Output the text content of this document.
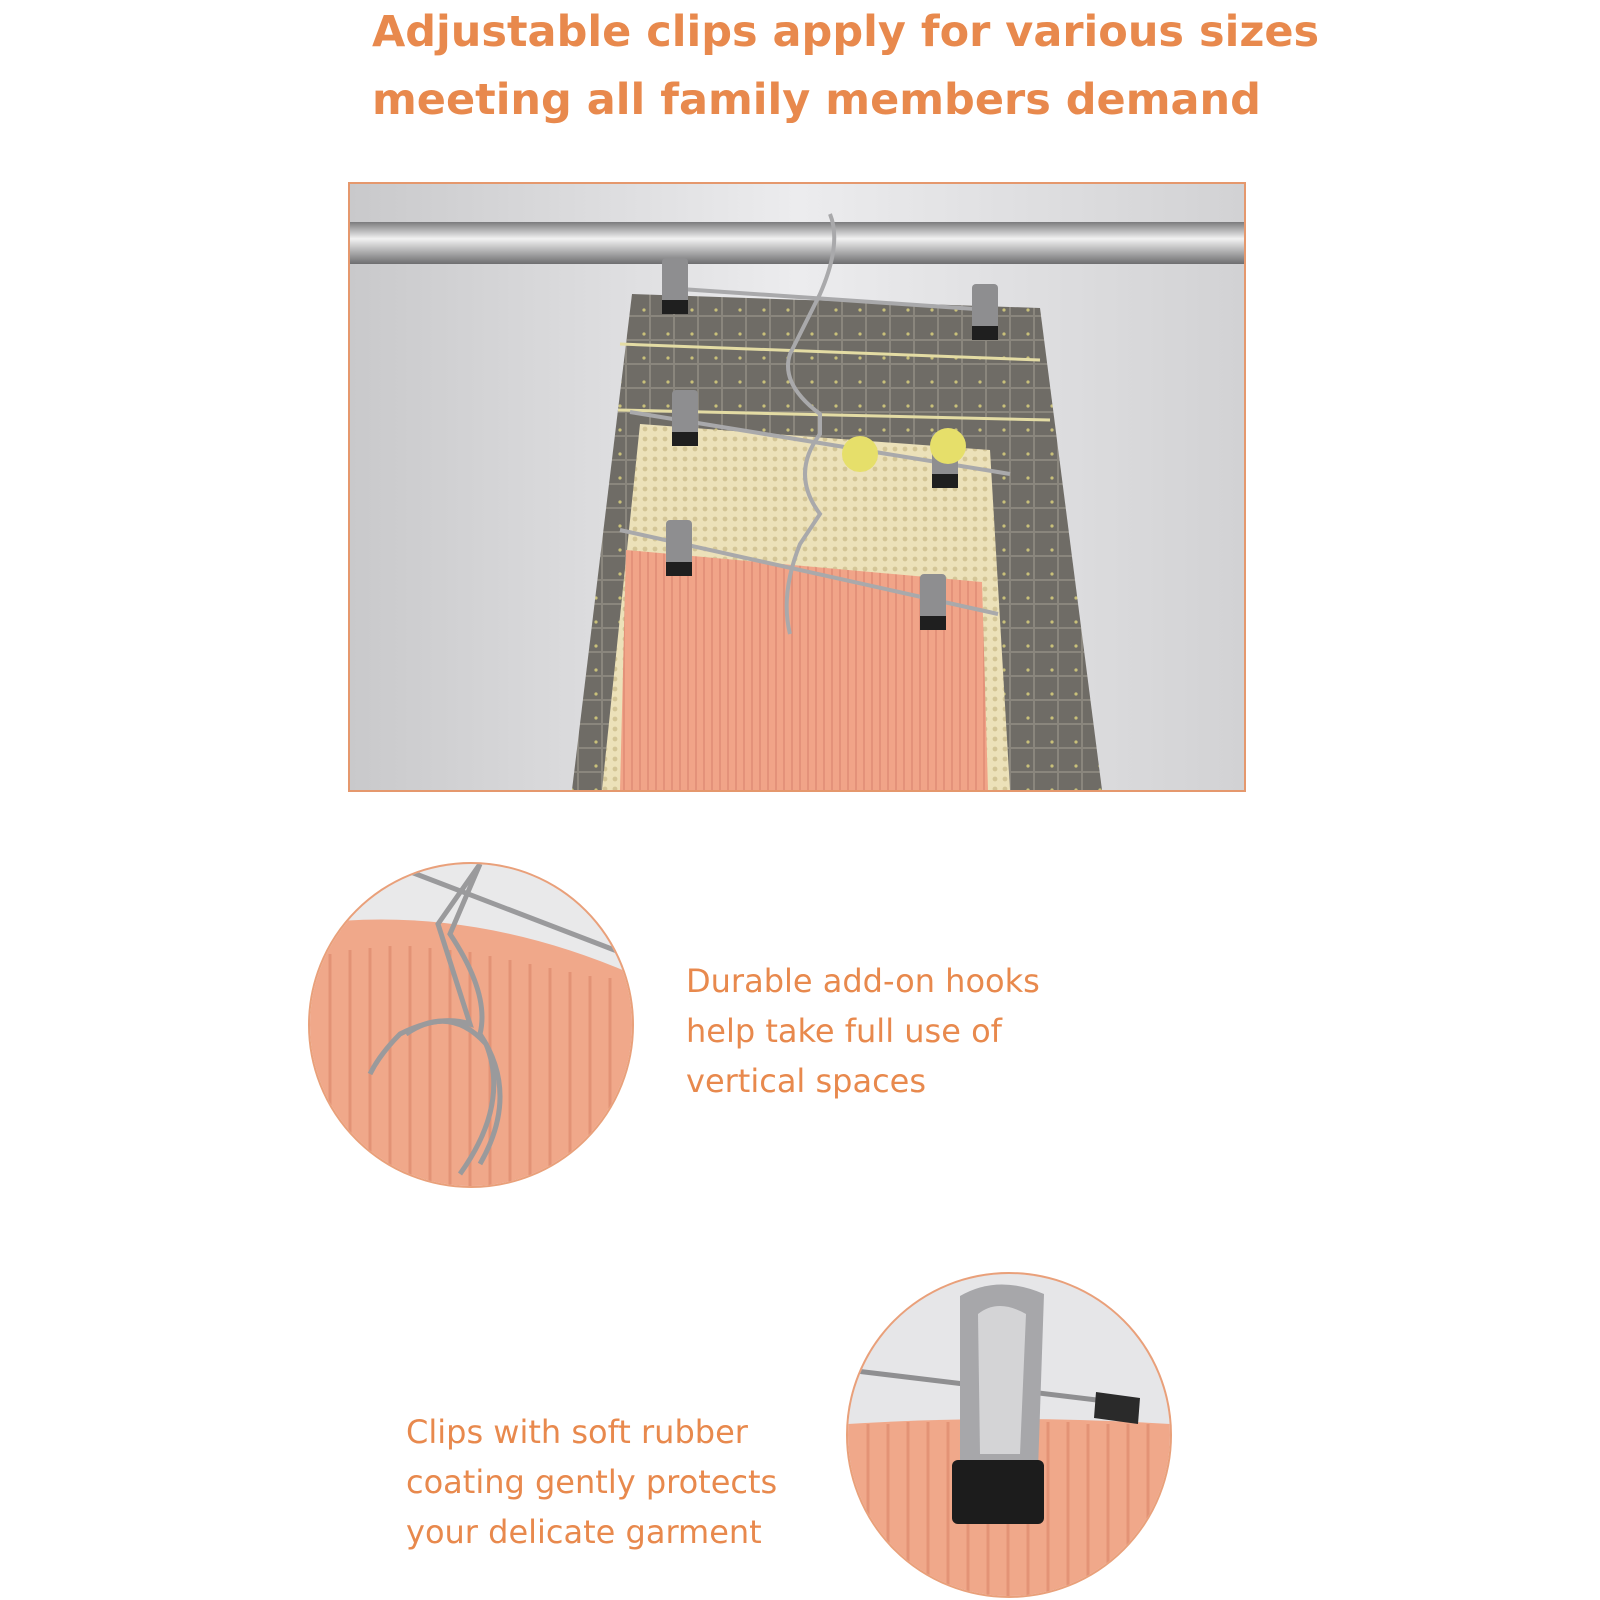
Adjustable clips apply for various sizes
meeting all family members demand

Durable add-on hooks
help take full use of
vertical spaces

Clips with soft rubber
coating gently protects
your delicate garment
